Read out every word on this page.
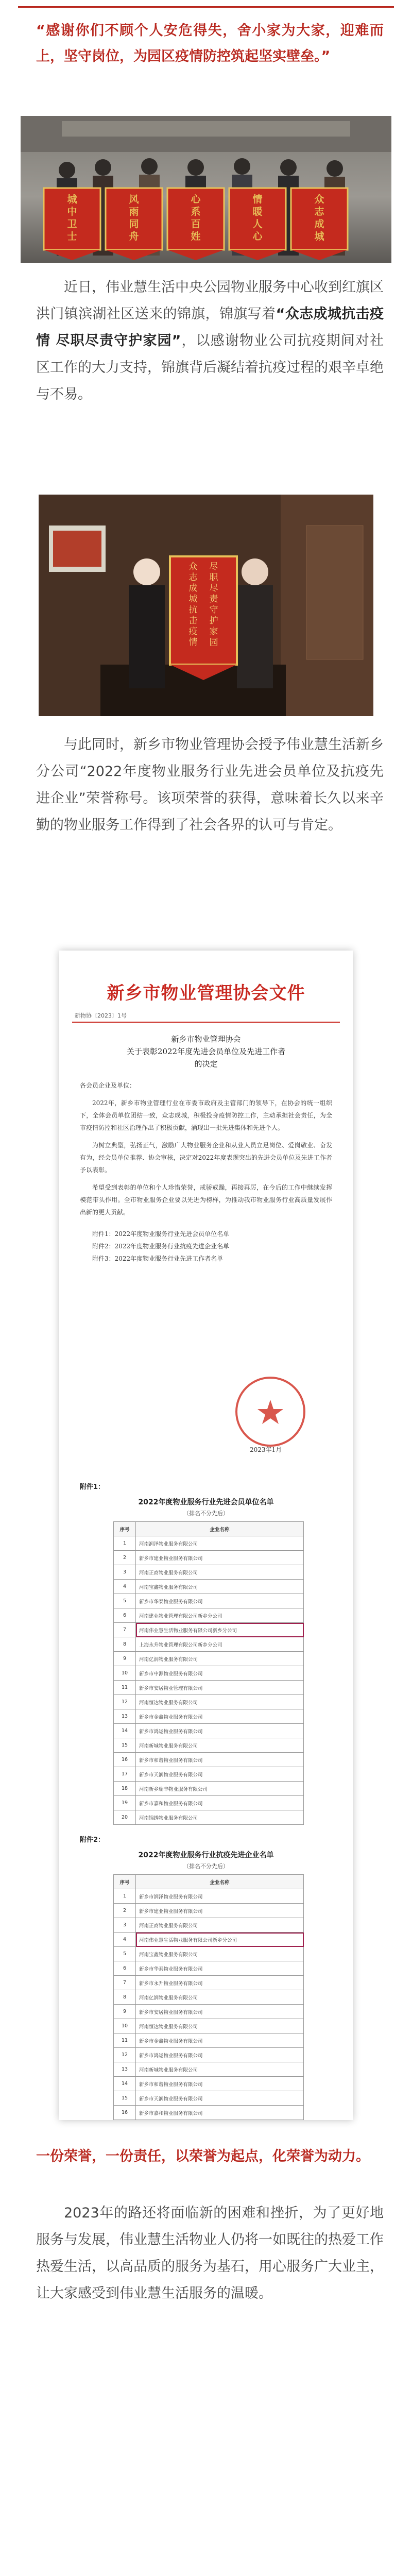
“感谢你们不顾个人安危得失，舍小家为大家，迎难而上，坚守岗位，为园区疫情防控筑起坚实壁垒。”
城
中
卫
士
风
雨
同
舟
心
系
百
姓
情
暖
人
心
众
志
成
城

近日，伟业慧生活中央公园物业服务中心收到红旗区洪门镇滨湖社区送来的锦旗，锦旗写着“众志成城抗击疫情 尽职尽责守护家园”，以感谢物业公司抗疫期间对社区工作的大力支持，锦旗背后凝结着抗疫过程的艰辛卓绝与不易。

众志成城抗击疫情尽职尽责守护家园

与此同时，新乡市物业管理协会授予伟业慧生活新乡分公司“2022年度物业服务行业先进会员单位及抗疫先进企业”荣誉称号。该项荣誉的获得，意味着长久以来辛勤的物业服务工作得到了社会各界的认可与肯定。

新乡市物业管理协会文件
新物协〔2023〕1号
新乡市物业管理协会
关于表彰2022年度先进会员单位及先进工作者
的决定
各会员企业及单位：

2022年，新乡市物业管理行业在市委市政府及主管部门的领导下，在协会的统一组织下，全体会员单位团结一致，众志成城，积极投身疫情防控工作，主动承担社会责任，为全市疫情防控和社区治理作出了积极贡献，涌现出一批先进集体和先进个人。

为树立典型，弘扬正气，激励广大物业服务企业和从业人员立足岗位、爱岗敬业、奋发有为，经会员单位推荐、协会审核，决定对2022年度表现突出的先进会员单位及先进工作者予以表彰。

希望受到表彰的单位和个人珍惜荣誉，戒骄戒躁，再接再厉，在今后的工作中继续发挥模范带头作用。全市物业服务企业要以先进为榜样，为推动我市物业服务行业高质量发展作出新的更大贡献。

附件1：2022年度物业服务行业先进会员单位名单
附件2：2022年度物业服务行业抗疫先进企业名单
附件3：2022年度物业服务行业先进工作者名单
2023年1月
附件1：
2022年度物业服务行业先进会员单位名单
（排名不分先后）
序号	企业名称
1	河南润泽物业服务有限公司
2	新乡市建业物业服务有限公司
3	河南正商物业服务有限公司
4	河南宝鑫物业服务有限公司
5	新乡市华泰物业服务有限公司
6	河南建业物业管理有限公司新乡分公司
7	河南伟业慧生活物业服务有限公司新乡分公司
8	上海永升物业管理有限公司新乡分公司
9	河南亿润物业服务有限公司
10	新乡市中源物业服务有限公司
11	新乡市安居物业管理有限公司
12	河南恒达物业服务有限公司
13	新乡市金鑫物业服务有限公司
14	新乡市鸿运物业服务有限公司
15	河南新城物业服务有限公司
16	新乡市和谐物业服务有限公司
17	新乡市天润物业服务有限公司
18	河南新乡瑞丰物业服务有限公司
19	新乡市嘉和物业服务有限公司
20	河南锦绣物业服务有限公司
附件2：
2022年度物业服务行业抗疫先进企业名单
（排名不分先后）
序号	企业名称
1	新乡市润泽物业服务有限公司
2	新乡市建业物业服务有限公司
3	河南正商物业服务有限公司
4	河南伟业慧生活物业服务有限公司新乡分公司
5	河南宝鑫物业服务有限公司
6	新乡市华泰物业服务有限公司
7	新乡市永升物业服务有限公司
8	河南亿润物业服务有限公司
9	新乡市安居物业服务有限公司
10	河南恒达物业服务有限公司
11	新乡市金鑫物业服务有限公司
12	新乡市鸿运物业服务有限公司
13	河南新城物业服务有限公司
14	新乡市和谐物业服务有限公司
15	新乡市天润物业服务有限公司
16	新乡市嘉和物业服务有限公司

一份荣誉，一份责任，以荣誉为起点，化荣誉为动力。

2023年的路还将面临新的困难和挫折，为了更好地服务与发展，伟业慧生活物业人仍将一如既往的热爱工作热爱生活，以高品质的服务为基石，用心服务广大业主，让大家感受到伟业慧生活服务的温暖。
